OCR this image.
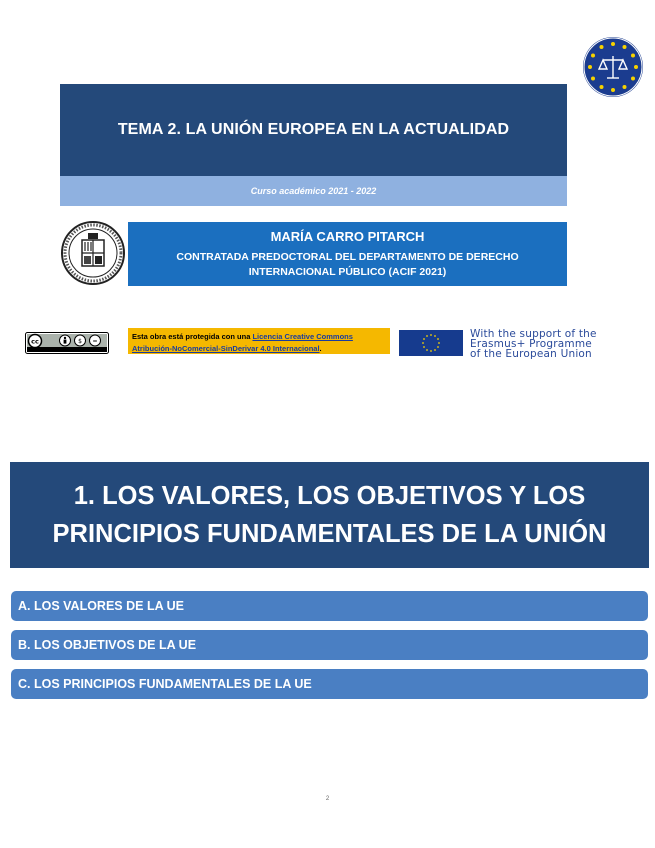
TEMA 2. LA UNIÓN EUROPEA EN LA ACTUALIDAD
Curso académico 2021 - 2022
MARÍA CARRO PITARCH
CONTRATADA PREDOCTORAL DEL DEPARTAMENTO DE DERECHO INTERNACIONAL PÚBLICO (ACIF 2021)
cc	$ =
Esta obra está protegida con una Licencia Creative Commons
Atribución-NoComercial-SinDerivar 4.0 Internacional.
With the support of the
Erasmus+ Programme
of the European Union
1. LOS VALORES, LOS OBJETIVOS Y LOS PRINCIPIOS FUNDAMENTALES DE LA UNIÓN
A. LOS VALORES DE LA UE
B. LOS OBJETIVOS DE LA UE
C. LOS PRINCIPIOS FUNDAMENTALES DE LA UE
2
